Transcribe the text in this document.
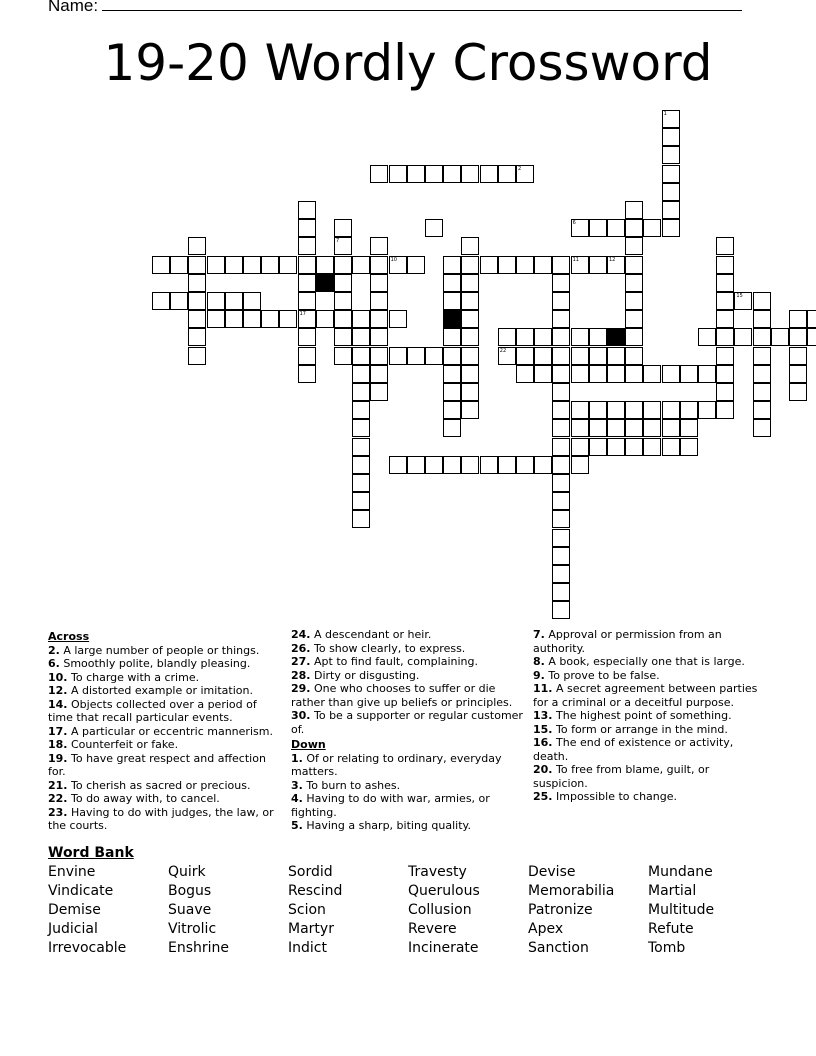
Name:
19-20 Wordly Crossword
1
2
17
7
6
10	11	12
15
22
Across
2. A large number of people or things.
6. Smoothly polite, blandly pleasing.
10. To charge with a crime.
12. A distorted example or imitation.
14. Objects collected over a period of time that recall particular events.
17. A particular or eccentric mannerism.
18. Counterfeit or fake.
19. To have great respect and affection for.
21. To cherish as sacred or precious.
22. To do away with, to cancel.
23. Having to do with judges, the law, or the courts.
24. A descendant or heir.
26. To show clearly, to express.
27. Apt to find fault, complaining.
28. Dirty or disgusting.
29. One who chooses to suffer or die rather than give up beliefs or principles.
30. To be a supporter or regular customer of.
Down
1. Of or relating to ordinary, everyday matters.
3. To burn to ashes.
4. Having to do with war, armies, or fighting.
5. Having a sharp, biting quality.
7. Approval or permission from an authority.
8. A book, especially one that is large.
9. To prove to be false.
11. A secret agreement between parties for a criminal or a deceitful purpose.
13. The highest point of something.
15. To form or arrange in the mind.
16. The end of existence or activity, death.
20. To free from blame, guilt, or suspicion.
25. Impossible to change.
Word Bank
Envine	Quirk	Sordid	Travesty	Devise	Mundane
Vindicate	Bogus	Rescind	Querulous	Memorabilia	Martial
Demise	Suave	Scion	Collusion	Patronize	Multitude
Judicial	Vitrolic	Martyr	Revere	Apex	Refute
Irrevocable	Enshrine	Indict	Incinerate	Sanction	Tomb
